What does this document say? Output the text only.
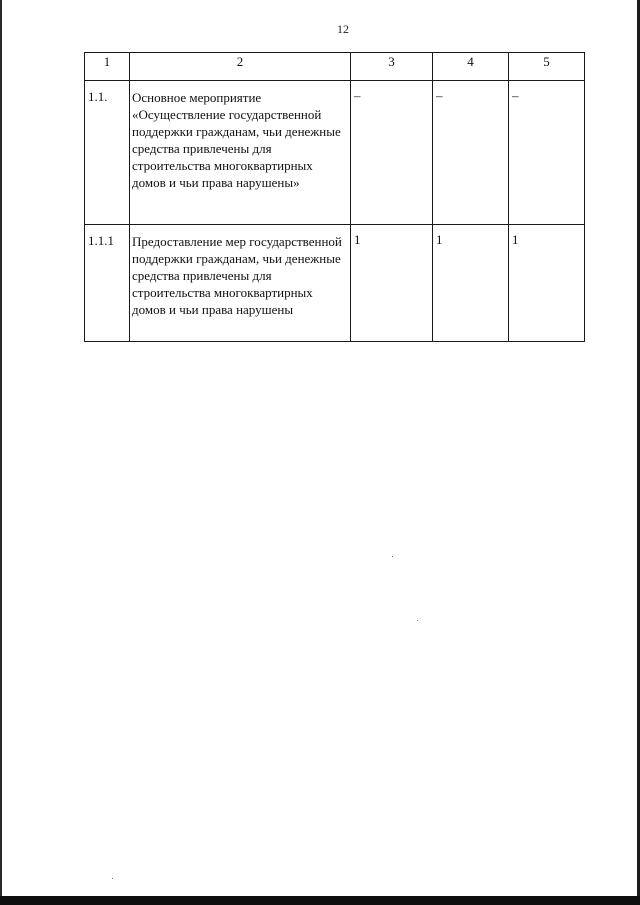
12
1	2	3	4	5
1.1.	Основное мероприятие «Осуществление государственной поддержки гражданам, чьи денежные средства привлечены для строительства многоквартирных домов и чьи права нарушены»	–	–	–
1.1.1	Предоставление мер государственной поддержки гражданам, чьи денежные средства привлечены для строительства многоквартирных домов и чьи права нарушены	1	1	1
